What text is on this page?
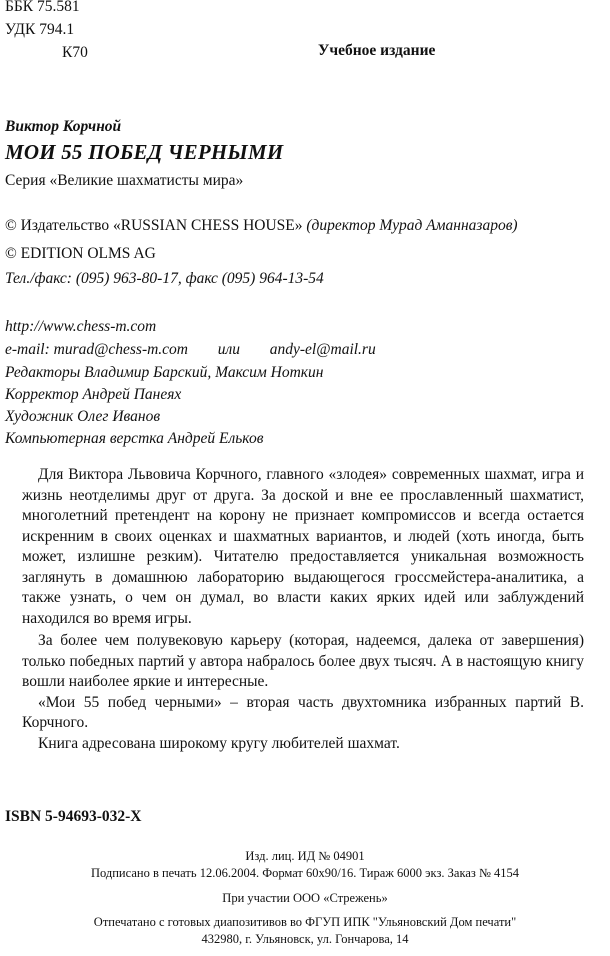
ББК 75.581
УДК 794.1
К70	Учебное издание
Виктор Корчной
МОИ 55 ПОБЕД ЧЕРНЫМИ
Серия «Великие шахматисты мира»
© Издательство «RUSSIAN CHESS HOUSE» (директор Мурад Аманназаров)
© EDITION OLMS AG
Тел./факс: (095) 963-80-17, факс (095) 964-13-54
http://www.chess-m.com
e-mail: murad@chess-m.com или andy-el@mail.ru
Редакторы Владимир Барский, Максим Ноткин
Корректор Андрей Панеях
Художник Олег Иванов
Компьютерная верстка Андрей Ельков

Для Виктора Львовича Корчного, главного «злодея» современных шахмат, игра и жизнь неотделимы друг от друга. За доской и вне ее прославленный шахматист, многолетний претендент на корону не признает компромиссов и всегда остается искренним в своих оценках и шахматных вариантов, и людей (хоть иногда, быть может, излишне резким). Читателю предоставляется уникальная возможность заглянуть в домашнюю лабораторию выдающегося гроссмейстера-аналитика, а также узнать, о чем он думал, во власти каких ярких идей или заблуждений находился во время игры.

За более чем полувековую карьеру (которая, надеемся, далека от завершения) только победных партий у автора набралось более двух тысяч. А в настоящую книгу вошли наиболее яркие и интересные.

«Мои 55 побед черными» – вторая часть двухтомника избранных партий В. Корчного.

Книга адресована широкому кругу любителей шахмат.

ISBN 5-94693-032-X
Изд. лиц. ИД № 04901
Подписано в печать 12.06.2004. Формат 60х90/16. Тираж 6000 экз. Заказ № 4154
При участии ООО «Стрежень»
Отпечатано с готовых диапозитивов во ФГУП ИПК "Ульяновский Дом печати"
432980, г. Ульяновск, ул. Гончарова, 14
